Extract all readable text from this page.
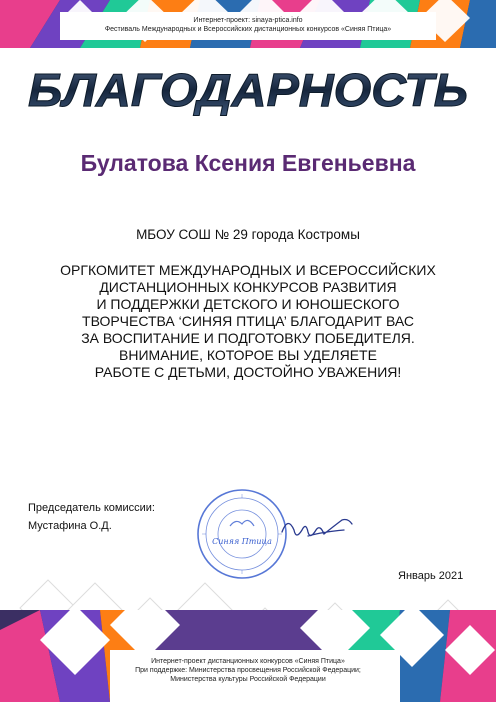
Интернет-проект: sinaya-ptica.info
Фестиваль Международных и Всероссийских дистанционных конкурсов «Синяя Птица»
БЛАГОДАРНОСТЬ
Булатова Ксения Евгеньевна
МБОУ СОШ № 29 города Костромы
ОРГКОМИТЕТ МЕЖДУНАРОДНЫХ И ВСЕРОССИЙСКИХ
ДИСТАНЦИОННЫХ КОНКУРСОВ РАЗВИТИЯ
И ПОДДЕРЖКИ ДЕТСКОГО И ЮНОШЕСКОГО
ТВОРЧЕСТВА ‘СИНЯЯ ПТИЦА’ БЛАГОДАРИТ ВАС
ЗА ВОСПИТАНИЕ И ПОДГОТОВКУ ПОБЕДИТЕЛЯ.
ВНИМАНИЕ, КОТОРОЕ ВЫ УДЕЛЯЕТЕ
РАБОТЕ С ДЕТЬМИ, ДОСТОЙНО УВАЖЕНИЯ!
Интернет-проект дистанционных конкурсов «Синяя Птица»
При поддержке: Министерства просвещения Российской Федерации;
Министерства культуры Российской Федерации
Председатель комиссии:
Мустафина О.Д.
Январь 2021
Синяя Птица
